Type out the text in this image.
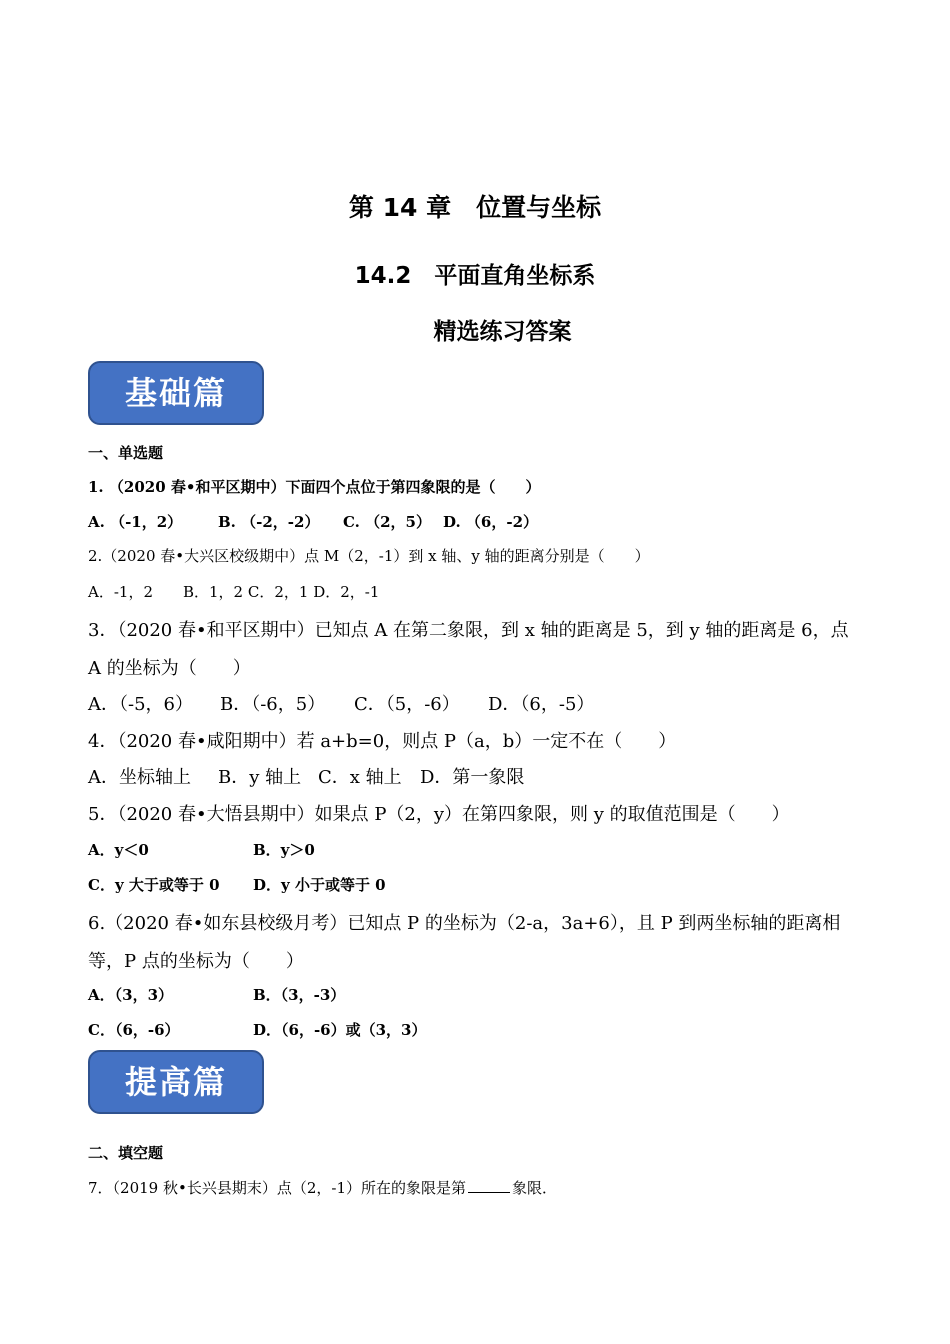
第 14 章　位置与坐标
14.2　平面直角坐标系
精选练习答案
基础篇
一、单选题
1. （2020 春•和平区期中）下面四个点位于第四象限的是（　　）
A. （-1，2） B. （-2，-2） C. （2，5） D. （6，-2）
2.（2020 春•大兴区校级期中）点 M（2，-1）到 x 轴、y 轴的距离分别是（　　）
A．-1，2　　B．1，2 C．2，1 D．2，-1
3．（2020 春•和平区期中）已知点 A 在第二象限，到 x 轴的距离是 5，到 y 轴的距离是 6，点
A 的坐标为（　　）
A．（-5，6） B．（-6，5） C．（5，-6） D．（6，-5）
4．（2020 春•咸阳期中）若 a+b=0，则点 P（a，b）一定不在（　　）
A．坐标轴上 B．y 轴上 C．x 轴上 D．第一象限
5．（2020 春•大悟县期中）如果点 P（2，y）在第四象限，则 y 的取值范围是（　　）
A．y＜0	B．y＞0
C．y 大于或等于 0 D．y 小于或等于 0
6.（2020 春•如东县校级月考）已知点 P 的坐标为（2-a，3a+6），且 P 到两坐标轴的距离相
等，P 点的坐标为（　　）
A．（3，3）	B．（3，-3）
C．（6，-6）	D．（6，-6）或（3，3）
提高篇
二、填空题
7．（2019 秋•长兴县期末）点（2，-1）所在的象限是第	象限．
